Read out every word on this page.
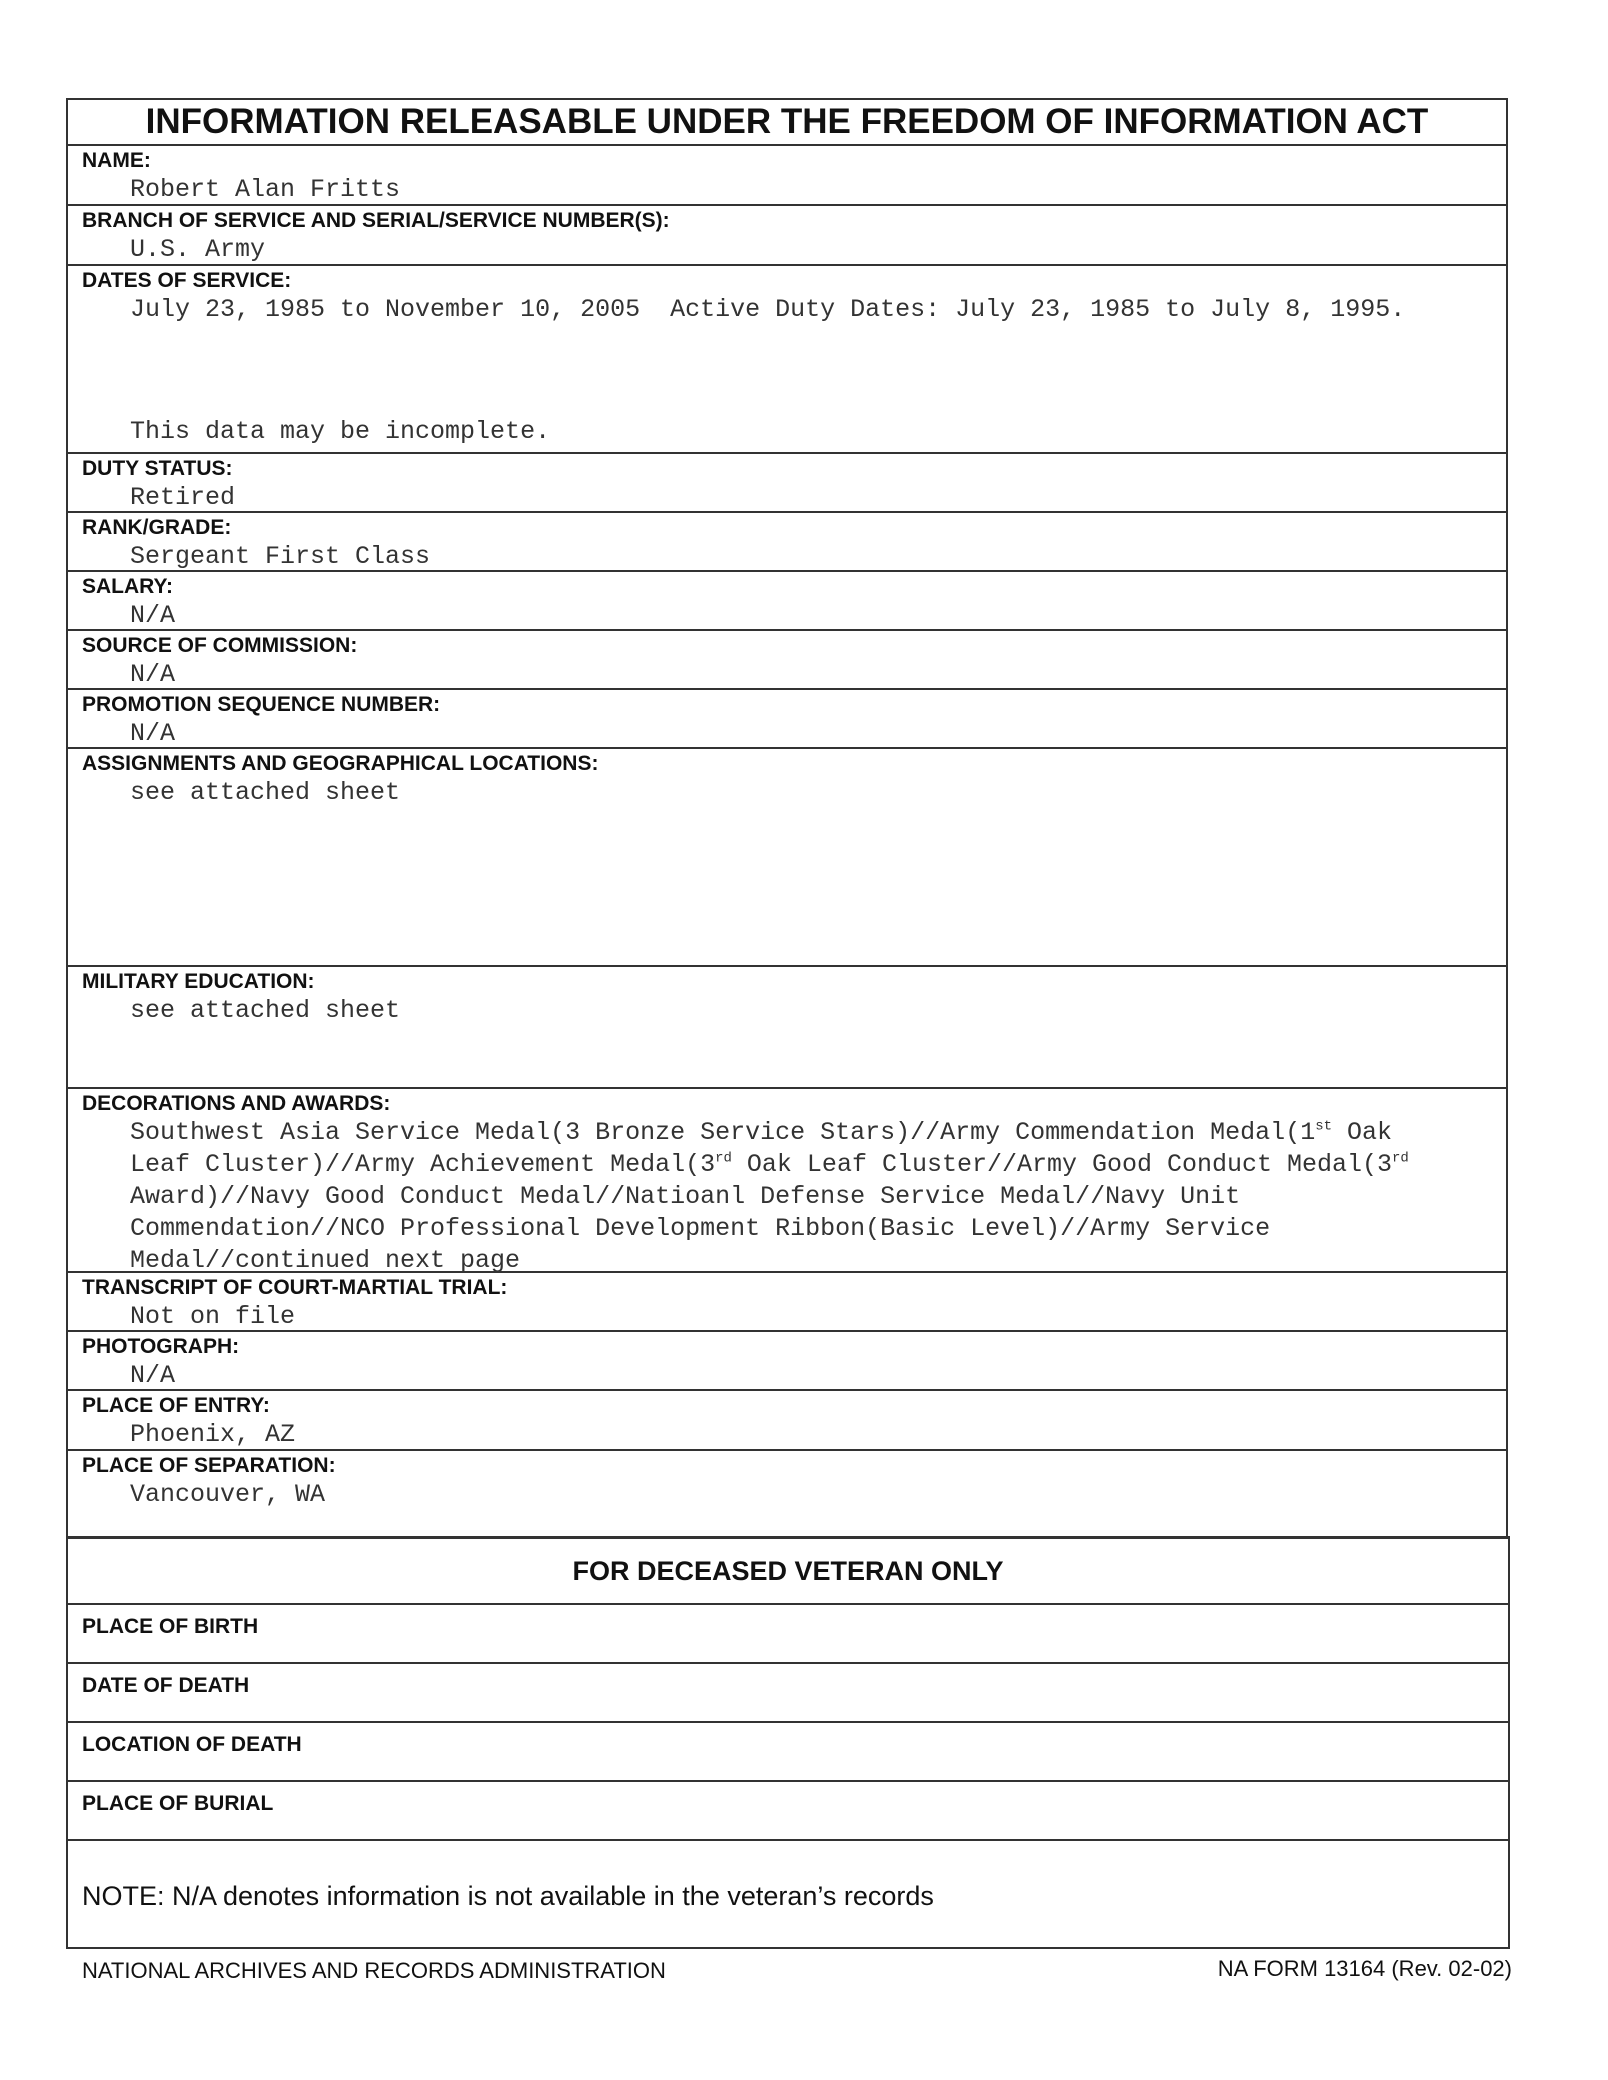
INFORMATION RELEASABLE UNDER THE FREEDOM OF INFORMATION ACT
NAME:
Robert Alan Fritts
BRANCH OF SERVICE AND SERIAL/SERVICE NUMBER(S):
U.S. Army
DATES OF SERVICE:
July 23, 1985 to November 10, 2005  Active Duty Dates: July 23, 1985 to July 8, 1995.
This data may be incomplete.
DUTY STATUS:
Retired
RANK/GRADE:
Sergeant First Class
SALARY:
N/A
SOURCE OF COMMISSION:
N/A
PROMOTION SEQUENCE NUMBER:
N/A
ASSIGNMENTS AND GEOGRAPHICAL LOCATIONS:
see attached sheet
MILITARY EDUCATION:
see attached sheet
DECORATIONS AND AWARDS:
Southwest Asia Service Medal(3 Bronze Service Stars)//Army Commendation Medal(1st Oak Leaf Cluster)//Army Achievement Medal(3rd Oak Leaf Cluster//Army Good Conduct Medal(3rd Award)//Navy Good Conduct Medal//Natioanl Defense Service Medal//Navy Unit Commendation//NCO Professional Development Ribbon(Basic Level)//Army Service Medal//continued next page
TRANSCRIPT OF COURT-MARTIAL TRIAL:
Not on file
PHOTOGRAPH:
N/A
PLACE OF ENTRY:
Phoenix, AZ
PLACE OF SEPARATION:
Vancouver, WA
FOR DECEASED VETERAN ONLY
PLACE OF BIRTH
DATE OF DEATH
LOCATION OF DEATH
PLACE OF BURIAL
NOTE: N/A denotes information is not available in the veteran’s records
NATIONAL ARCHIVES AND RECORDS ADMINISTRATION	NA FORM 13164 (Rev. 02-02)
